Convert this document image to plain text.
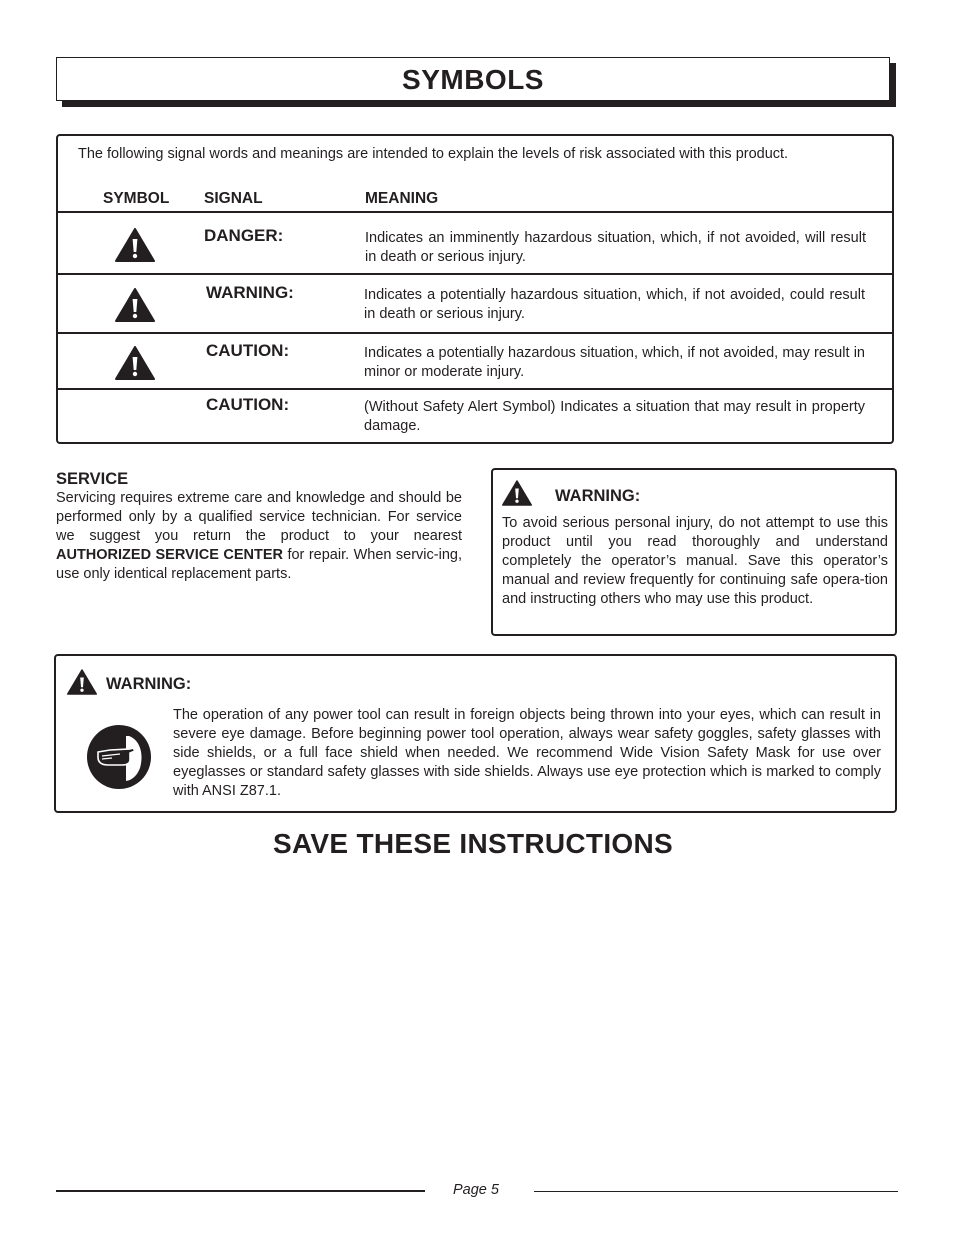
SYMBOLS
The following signal words and meanings are intended to explain the levels of risk associated with this product.
SYMBOL SIGNAL	MEANING
DANGER:	Indicates an imminently hazardous situation, which, if not avoided, will result in death or serious injury.
WARNING:	Indicates a potentially hazardous situation, which, if not avoided, could result in death or serious injury.
CAUTION:	Indicates a potentially hazardous situation, which, if not avoided, may result in minor or moderate injury.
CAUTION:	(Without Safety Alert Symbol) Indicates a situation that may result in property damage.
SERVICE

Servicing requires extreme care and knowledge and should be performed only by a qualified service technician. For service we suggest you return the product to your nearest AUTHORIZED SERVICE CENTER for repair. When servic-ing, use only identical replacement parts.

WARNING:

To avoid serious personal injury, do not attempt to use this product until you read thoroughly and understand completely the operator’s manual. Save this operator’s manual and review frequently for continuing safe opera-tion and instructing others who may use this product.

WARNING:

The operation of any power tool can result in foreign objects being thrown into your eyes, which can result in severe eye damage. Before beginning power tool operation, always wear safety goggles, safety glasses with side shields, or a full face shield when needed. We recommend Wide Vision Safety Mask for use over eyeglasses or standard safety glasses with side shields. Always use eye protection which is marked to comply with ANSI Z87.1.

SAVE THESE INSTRUCTIONS
Page 5
